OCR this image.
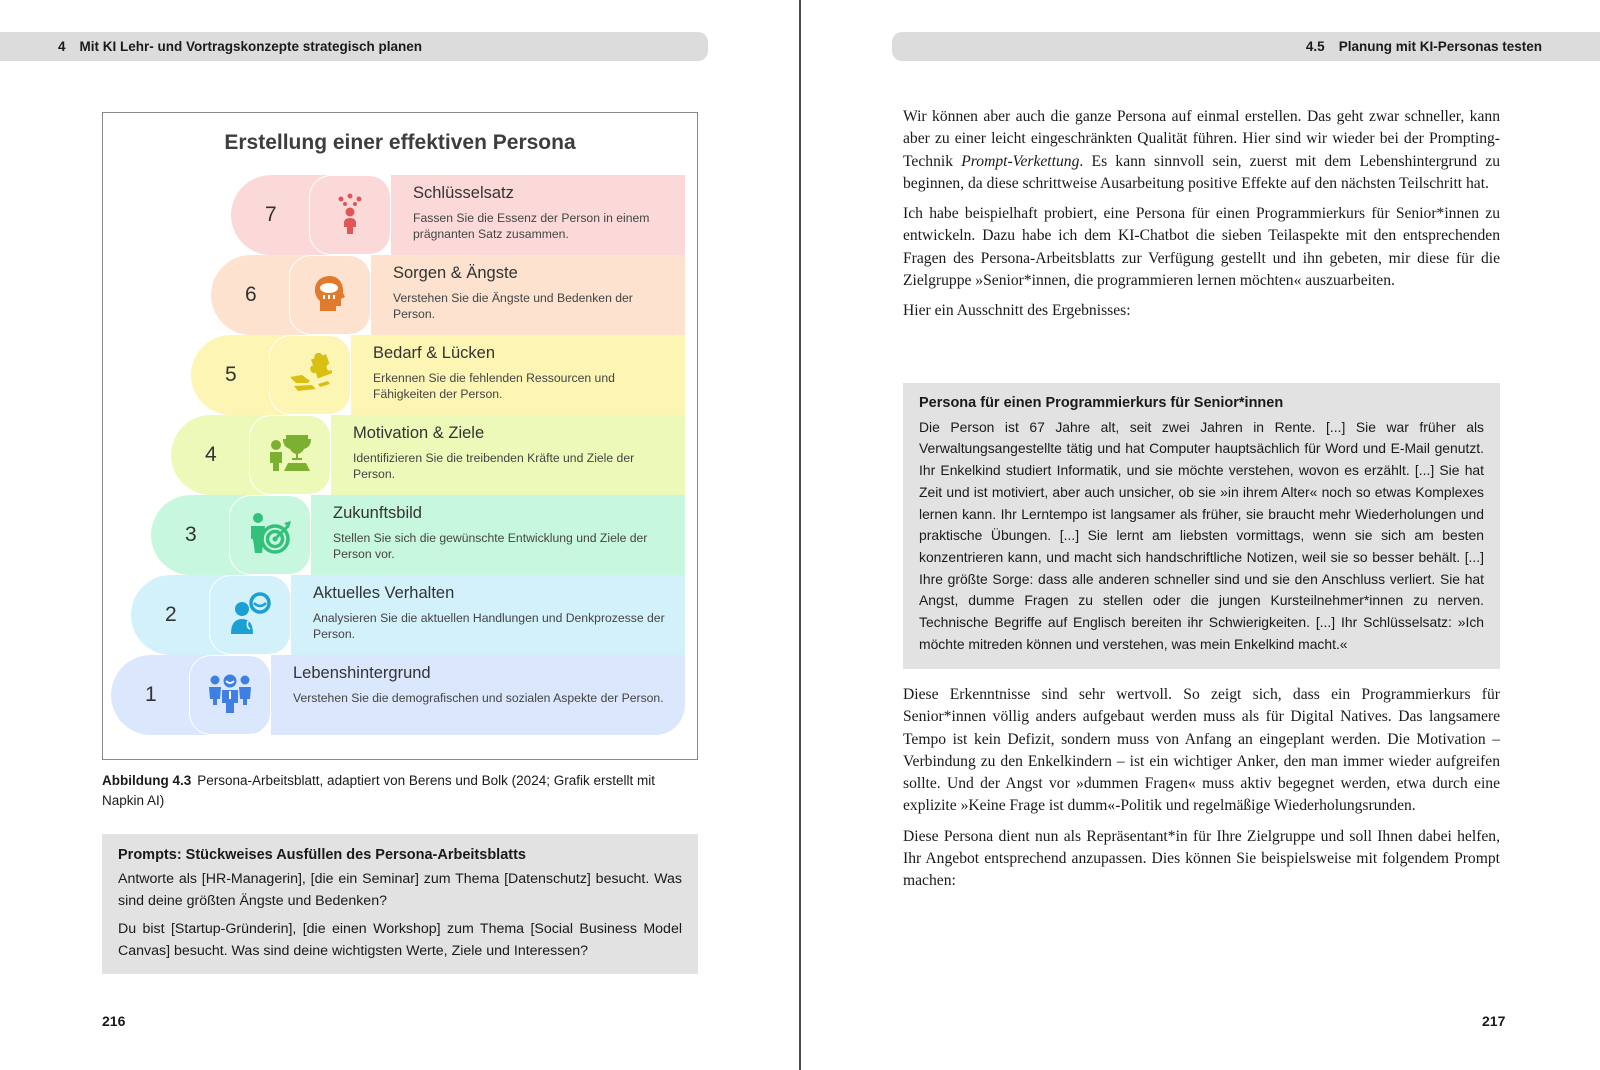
4 Mit KI Lehr- und Vortragskonzepte strategisch planen
Erstellung einer effektiven Persona
7
Schlüsselsatz
Fassen Sie die Essenz der Person in einem prägnanten Satz zusammen.
6
Sorgen & Ängste
Verstehen Sie die Ängste und Bedenken der Person.
5
Bedarf & Lücken
Erkennen Sie die fehlenden Ressourcen und Fähigkeiten der Person.
4
Motivation & Ziele
Identifizieren Sie die treibenden Kräfte und Ziele der Person.
3
Zukunftsbild
Stellen Sie sich die gewünschte Entwicklung und Ziele der Person vor.
2
Aktuelles Verhalten
Analysieren Sie die aktuellen Handlungen und Denkprozesse der Person.
1
Lebenshintergrund
Verstehen Sie die demografischen und sozialen Aspekte der Person.
Abbildung 4.3 Persona-Arbeitsblatt, adaptiert von Berens und Bolk (2024; Grafik erstellt mit Napkin AI)
Prompts: Stückweises Ausfüllen des Persona-Arbeitsblatts
Antworte als [HR-Managerin], [die ein Seminar] zum Thema [Datenschutz] besucht. Was sind deine größten Ängste und Bedenken?
Du bist [Startup-Gründerin], [die einen Workshop] zum Thema [Social Business Model Canvas] besucht. Was sind deine wichtigsten Werte, Ziele und Interessen?
216
4.5 Planung mit KI-Personas testen

Wir können aber auch die ganze Persona auf einmal erstellen. Das geht zwar schneller, kann aber zu einer leicht eingeschränkten Qualität führen. Hier sind wir wieder bei der Prompting-Technik Prompt-Verkettung. Es kann sinnvoll sein, zuerst mit dem Lebenshintergrund zu beginnen, da diese schrittweise Ausarbeitung positive Effekte auf den nächsten Teilschritt hat.

Ich habe beispielhaft probiert, eine Persona für einen Programmierkurs für Senior*innen zu entwickeln. Dazu habe ich dem KI-Chatbot die sieben Teilaspekte mit den entsprechenden Fragen des Persona-Arbeitsblatts zur Verfügung gestellt und ihn gebeten, mir diese für die Zielgruppe »Senior*innen, die programmieren lernen möchten« auszuarbeiten.

Hier ein Ausschnitt des Ergebnisses:

Persona für einen Programmierkurs für Senior*innen
Die Person ist 67 Jahre alt, seit zwei Jahren in Rente. [...] Sie war früher als Verwaltungsangestellte tätig und hat Computer hauptsächlich für Word und E-Mail genutzt. Ihr Enkelkind studiert Informatik, und sie möchte verstehen, wovon es erzählt. [...] Sie hat Zeit und ist motiviert, aber auch unsicher, ob sie »in ihrem Alter« noch so etwas Komplexes lernen kann. Ihr Lerntempo ist langsamer als früher, sie braucht mehr Wiederholungen und praktische Übungen. [...] Sie lernt am liebsten vormittags, wenn sie sich am besten konzentrieren kann, und macht sich handschriftliche Notizen, weil sie so besser behält. [...] Ihre größte Sorge: dass alle anderen schneller sind und sie den Anschluss verliert. Sie hat Angst, dumme Fragen zu stellen oder die jungen Kursteilnehmer*innen zu nerven. Technische Begriffe auf Englisch bereiten ihr Schwierigkeiten. [...] Ihr Schlüsselsatz: »Ich möchte mitreden können und verstehen, was mein Enkelkind macht.«

Diese Erkenntnisse sind sehr wertvoll. So zeigt sich, dass ein Programmierkurs für Senior*innen völlig anders aufgebaut werden muss als für Digital Natives. Das langsamere Tempo ist kein Defizit, sondern muss von Anfang an eingeplant werden. Die Motivation – Verbindung zu den Enkelkindern – ist ein wichtiger Anker, den man immer wieder aufgreifen sollte. Und der Angst vor »dummen Fragen« muss aktiv begegnet werden, etwa durch eine explizite »Keine Frage ist dumm«-Politik und regelmäßige Wiederholungsrunden.

Diese Persona dient nun als Repräsentant*in für Ihre Zielgruppe und soll Ihnen dabei helfen, Ihr Angebot entsprechend anzupassen. Dies können Sie beispielsweise mit folgendem Prompt machen:

217
